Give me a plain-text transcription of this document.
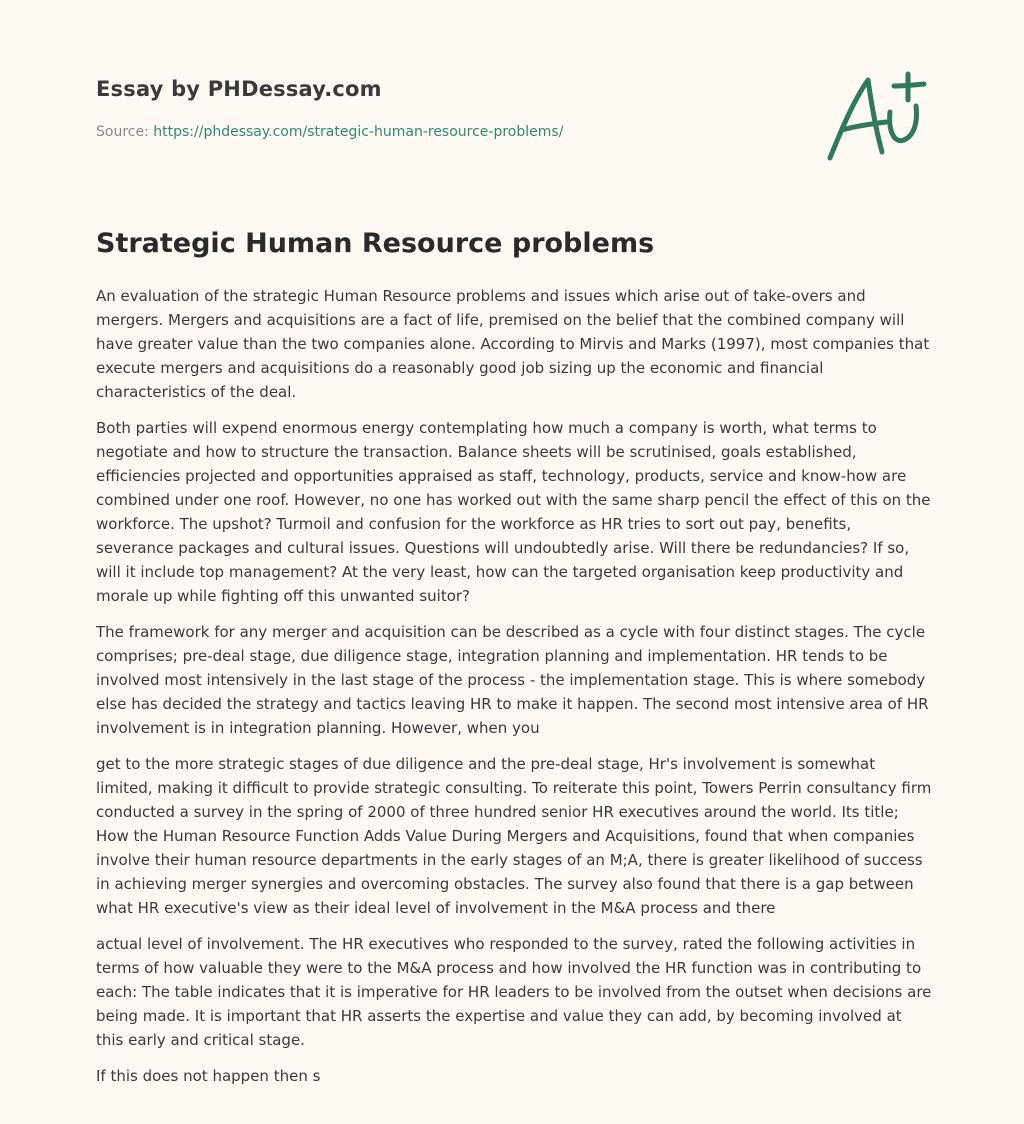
Essay by PHDessay.com
Source: https://phdessay.com/strategic-human-resource-problems/
Strategic Human Resource problems

An evaluation of the strategic Human Resource problems and issues which arise out of take-overs and mergers. Mergers and acquisitions are a fact of life, premised on the belief that the combined company will have greater value than the two companies alone. According to Mirvis and Marks (1997), most companies that execute mergers and acquisitions do a reasonably good job sizing up the economic and financial characteristics of the deal.

Both parties will expend enormous energy contemplating how much a company is worth, what terms to negotiate and how to structure the transaction. Balance sheets will be scrutinised, goals established, efficiencies projected and opportunities appraised as staff, technology, products, service and know-how are combined under one roof. However, no one has worked out with the same sharp pencil the effect of this on the workforce. The upshot? Turmoil and confusion for the workforce as HR tries to sort out pay, benefits, severance packages and cultural issues. Questions will undoubtedly arise. Will there be redundancies? If so, will it include top management? At the very least, how can the targeted organisation keep productivity and morale up while fighting off this unwanted suitor?

The framework for any merger and acquisition can be described as a cycle with four distinct stages. The cycle comprises; pre-deal stage, due diligence stage, integration planning and implementation. HR tends to be involved most intensively in the last stage of the process - the implementation stage. This is where somebody else has decided the strategy and tactics leaving HR to make it happen. The second most intensive area of HR involvement is in integration planning. However, when you

get to the more strategic stages of due diligence and the pre-deal stage, Hr's involvement is somewhat limited, making it difficult to provide strategic consulting. To reiterate this point, Towers Perrin consultancy firm conducted a survey in the spring of 2000 of three hundred senior HR executives around the world. Its title; How the Human Resource Function Adds Value During Mergers and Acquisitions, found that when companies involve their human resource departments in the early stages of an M;A, there is greater likelihood of success in achieving merger synergies and overcoming obstacles. The survey also found that there is a gap between what HR executive's view as their ideal level of involvement in the M&A process and there

actual level of involvement. The HR executives who responded to the survey, rated the following activities in terms of how valuable they were to the M&A process and how involved the HR function was in contributing to each: The table indicates that it is imperative for HR leaders to be involved from the outset when decisions are being made. It is important that HR asserts the expertise and value they can add, by becoming involved at this early and critical stage.

If this does not happen then s
